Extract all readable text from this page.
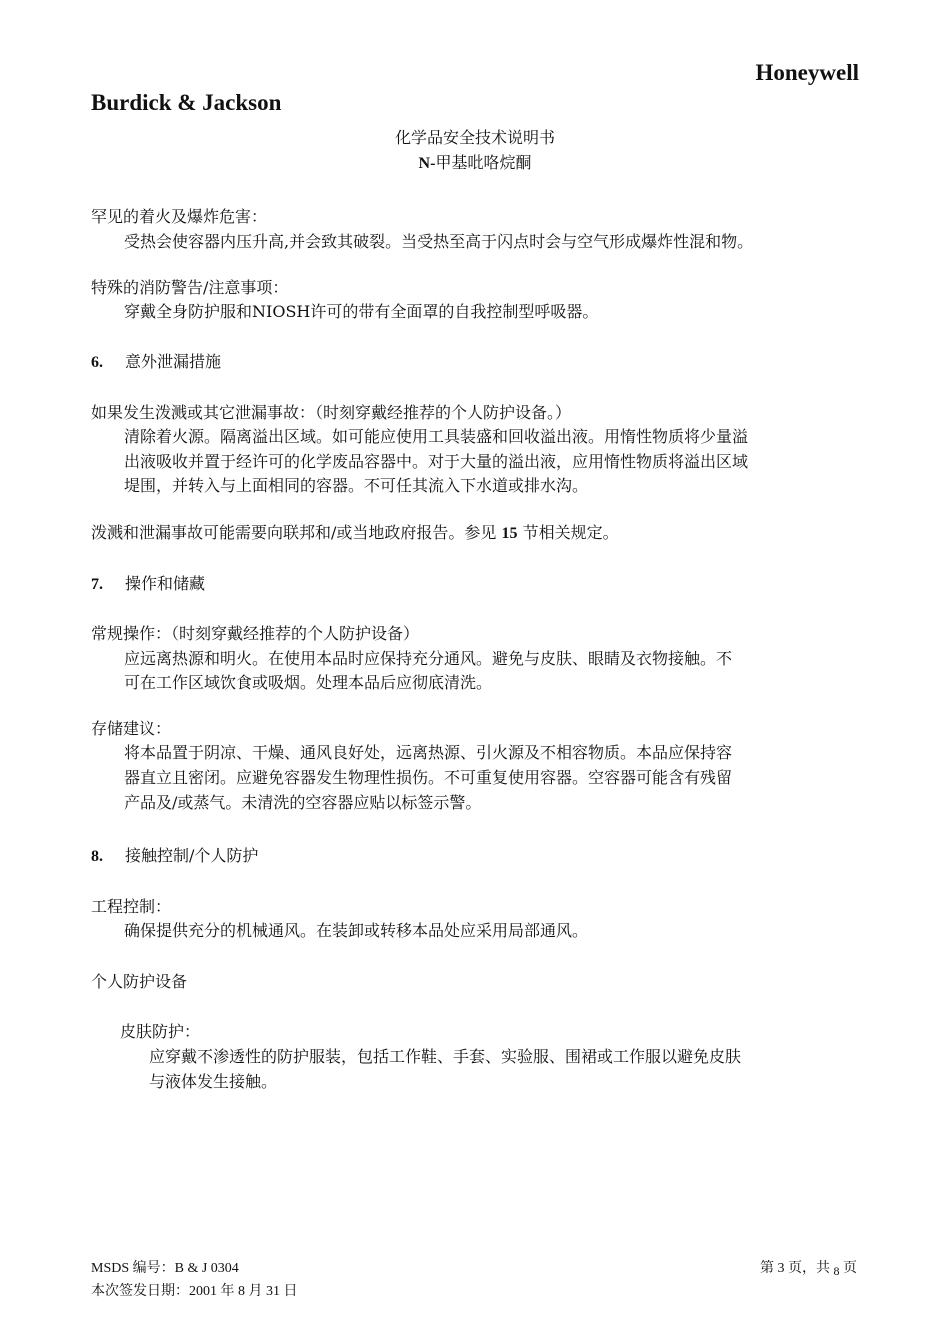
Honeywell
Burdick & Jackson
化学品安全技术说明书
N-甲基吡咯烷酮
罕见的着火及爆炸危害：
受热会使容器内压升高,并会致其破裂。当受热至高于闪点时会与空气形成爆炸性混和物。
特殊的消防警告/注意事项：
穿戴全身防护服和NIOSH许可的带有全面罩的自我控制型呼吸器。
6. 意外泄漏措施
如果发生泼溅或其它泄漏事故：（时刻穿戴经推荐的个人防护设备。）
清除着火源。隔离溢出区域。如可能应使用工具装盛和回收溢出液。用惰性物质将少量溢
出液吸收并置于经许可的化学废品容器中。对于大量的溢出液，应用惰性物质将溢出区域
堤围，并转入与上面相同的容器。不可任其流入下水道或排水沟。
泼溅和泄漏事故可能需要向联邦和/或当地政府报告。参见 15 节相关规定。
7. 操作和储藏
常规操作：（时刻穿戴经推荐的个人防护设备）
应远离热源和明火。在使用本品时应保持充分通风。避免与皮肤、眼睛及衣物接触。不
可在工作区域饮食或吸烟。处理本品后应彻底清洗。
存储建议：
将本品置于阴凉、干燥、通风良好处，远离热源、引火源及不相容物质。本品应保持容
器直立且密闭。应避免容器发生物理性损伤。不可重复使用容器。空容器可能含有残留
产品及/或蒸气。未清洗的空容器应贴以标签示警。
8. 接触控制/个人防护
工程控制：
确保提供充分的机械通风。在装卸或转移本品处应采用局部通风。
个人防护设备
皮肤防护：
应穿戴不渗透性的防护服装，包括工作鞋、手套、实验服、围裙或工作服以避免皮肤
与液体发生接触。
MSDS 编号：B & J 0304
本次签发日期：2001 年 8 月 31 日
第 3 页，共 8 页
